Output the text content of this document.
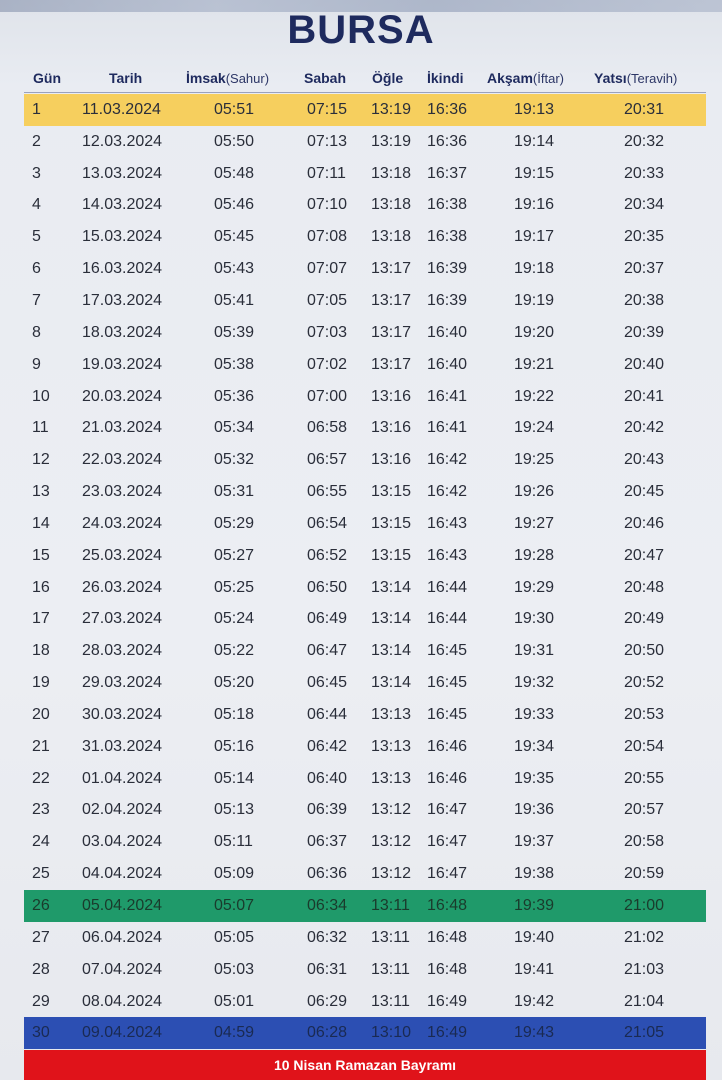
BURSA
Gün	Tarih	İmsak(Sahur) Sabah Öğle İkindi Akşam(İftar) Yatsı(Teravih)
1	11.03.2024	05:51	07:15 13:19 16:36	19:13	20:31
2	12.03.2024	05:50	07:13 13:19 16:36	19:14	20:32
3	13.03.2024	05:48	07:11 13:18 16:37	19:15	20:33
4	14.03.2024	05:46	07:10 13:18 16:38	19:16	20:34
5	15.03.2024	05:45	07:08 13:18 16:38	19:17	20:35
6	16.03.2024	05:43	07:07 13:17 16:39	19:18	20:37
7	17.03.2024	05:41	07:05 13:17 16:39	19:19	20:38
8	18.03.2024	05:39	07:03 13:17 16:40	19:20	20:39
9	19.03.2024	05:38	07:02 13:17 16:40	19:21	20:40
10 20.03.2024	05:36	07:00 13:16 16:41	19:22	20:41
11 21.03.2024	05:34	06:58 13:16 16:41	19:24	20:42
12 22.03.2024	05:32	06:57 13:16 16:42	19:25	20:43
13 23.03.2024	05:31	06:55 13:15 16:42	19:26	20:45
14 24.03.2024	05:29	06:54 13:15 16:43	19:27	20:46
15 25.03.2024	05:27	06:52 13:15 16:43	19:28	20:47
16 26.03.2024	05:25	06:50 13:14 16:44	19:29	20:48
17 27.03.2024	05:24	06:49 13:14 16:44	19:30	20:49
18 28.03.2024	05:22	06:47 13:14 16:45	19:31	20:50
19 29.03.2024	05:20	06:45 13:14 16:45	19:32	20:52
20 30.03.2024	05:18	06:44 13:13 16:45	19:33	20:53
21 31.03.2024	05:16	06:42 13:13 16:46	19:34	20:54
22 01.04.2024	05:14	06:40 13:13 16:46	19:35	20:55
23 02.04.2024	05:13	06:39 13:12 16:47	19:36	20:57
24 03.04.2024	05:11	06:37 13:12 16:47	19:37	20:58
25 04.04.2024	05:09	06:36 13:12 16:47	19:38	20:59
26 05.04.2024	05:07	06:34 13:11 16:48	19:39	21:00
27 06.04.2024	05:05	06:32 13:11 16:48	19:40	21:02
28 07.04.2024	05:03	06:31 13:11 16:48	19:41	21:03
29 08.04.2024	05:01	06:29 13:11 16:49	19:42	21:04
30 09.04.2024	04:59	06:28 13:10 16:49	19:43	21:05
10 Nisan Ramazan Bayramı
